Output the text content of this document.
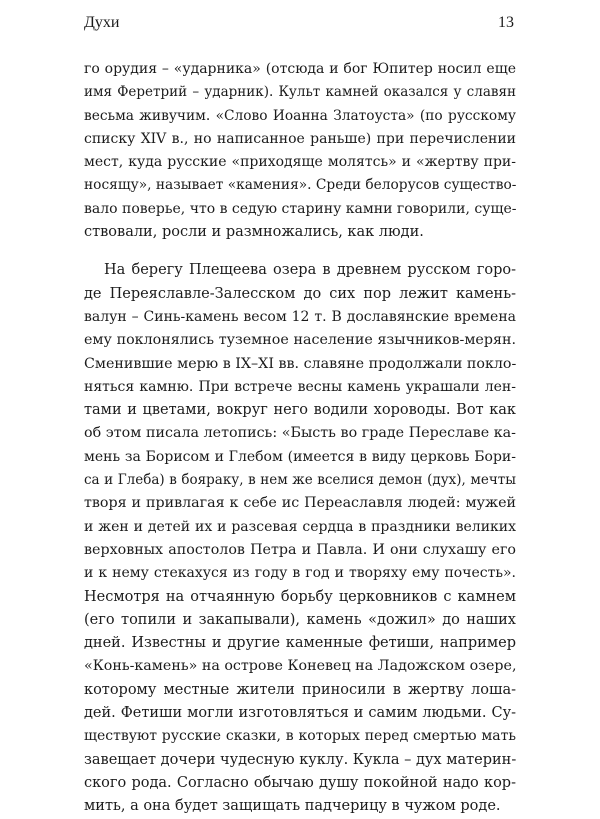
Духи	13
го орудия – «ударника» (отсюда и бог Юпитер носил еще
имя Феретрий – ударник). Культ камней оказался у славян
весьма живучим. «Слово Иоанна Златоуста» (по русскому
списку XIV в., но написанное раньше) при перечислении
мест, куда русские «приходяще молятсь» и «жертву при-
носящу», называет «камения». Среди белорусов существо-
вало поверье, что в седую старину камни говорили, суще-
ствовали, росли и размножались, как люди.
На берегу Плещеева озера в древнем русском горо-
де Переяславле-Залесском до сих пор лежит камень-
валун – Синь-камень весом 12 т. В дославянские времена
ему поклонялись туземное население язычников-мерян.
Сменившие мерю в IX–XI вв. славяне продолжали покло-
няться камню. При встрече весны камень украшали лен-
тами и цветами, вокруг него водили хороводы. Вот как
об этом писала летопись: «Бысть во граде Переславе ка-
мень за Борисом и Глебом (имеется в виду церковь Бори-
са и Глеба) в бояраку, в нем же вселися демон (дух), мечты
творя и привлагая к себе ис Переаславля людей: мужей
и жен и детей их и разсевая сердца в праздники великих
верховных апостолов Петра и Павла. И они слухашу его
и к нему стекахуся из году в год и творяху ему почесть».
Несмотря на отчаянную борьбу церковников с камнем
(его топили и закапывали), камень «дожил» до наших
дней. Известны и другие каменные фетиши, например
«Конь-камень» на острове Коневец на Ладожском озере,
которому местные жители приносили в жертву лоша-
дей. Фетиши могли изготовляться и самим людьми. Су-
ществуют русские сказки, в которых перед смертью мать
завещает дочери чудесную куклу. Кукла – дух материн-
ского рода. Согласно обычаю душу покойной надо кор-
мить, а она будет защищать падчерицу в чужом роде.
